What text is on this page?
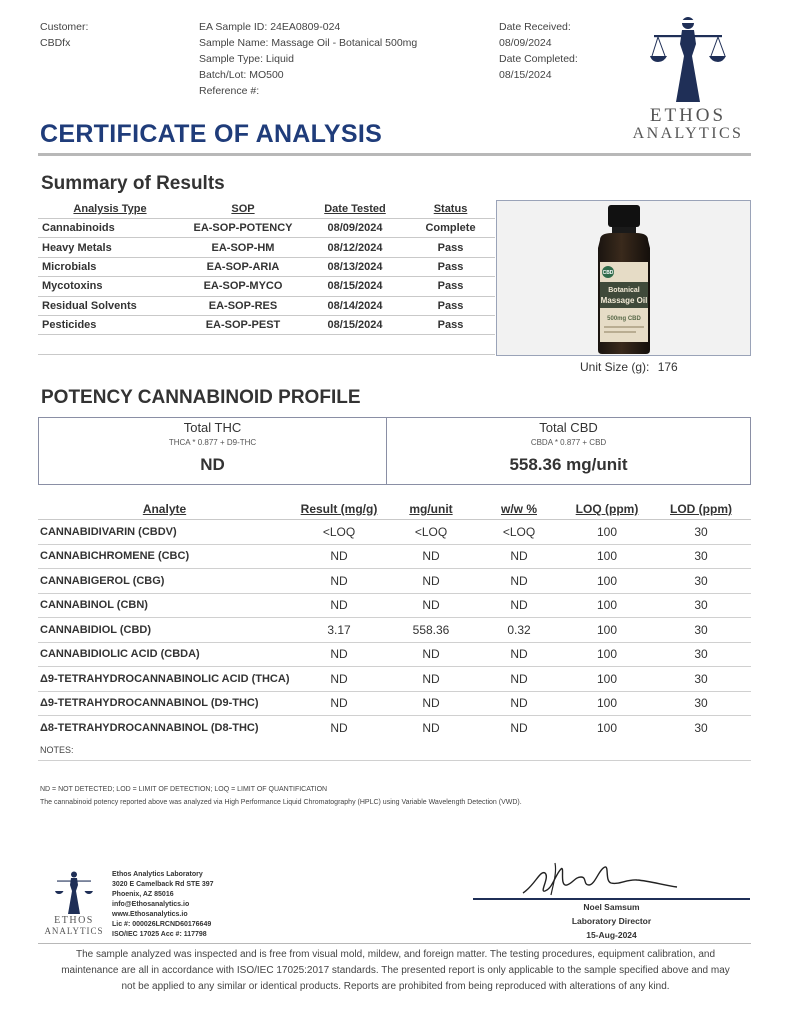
Customer:
CBDfx
EA Sample ID: 24EA0809-024
Sample Name: Massage Oil - Botanical 500mg
Sample Type: Liquid
Batch/Lot: MO500
Reference #:
Date Received:
08/09/2024
Date Completed:
08/15/2024
ETHOS
ANALYTICS
CERTIFICATE OF ANALYSIS
Summary of Results
Analysis Type	SOP	Date Tested	Status
Cannabinoids	EA-SOP-POTENCY	08/09/2024	Complete
Heavy Metals	EA-SOP-HM	08/12/2024	Pass
Microbials	EA-SOP-ARIA	08/13/2024	Pass
Mycotoxins	EA-SOP-MYCO	08/15/2024	Pass
Residual Solvents	EA-SOP-RES	08/14/2024	Pass
Pesticides	EA-SOP-PEST	08/15/2024	Pass

CBD
Botanical
Massage Oil
500mg CBD
Unit Size (g): 176
POTENCY CANNABINOID PROFILE
Total THC
THCA * 0.877 + D9-THC
ND
Total CBD
CBDA * 0.877 + CBD
558.36 mg/unit
Analyte	Result (mg/g)	mg/unit	w/w %	LOQ (ppm)	LOD (ppm)
CANNABIDIVARIN (CBDV)	<LOQ	<LOQ	<LOQ	100	30
CANNABICHROMENE (CBC)	ND	ND	ND	100	30
CANNABIGEROL (CBG)	ND	ND	ND	100	30
CANNABINOL (CBN)	ND	ND	ND	100	30
CANNABIDIOL (CBD)	3.17	558.36	0.32	100	30
CANNABIDIOLIC ACID (CBDA)	ND	ND	ND	100	30
Δ9-TETRAHYDROCANNABINOLIC ACID (THCA)	ND	ND	ND	100	30
Δ9-TETRAHYDROCANNABINOL (D9-THC)	ND	ND	ND	100	30
Δ8-TETRAHYDROCANNABINOL (D8-THC)	ND	ND	ND	100	30
NOTES:
ND = NOT DETECTED; LOD = LIMIT OF DETECTION; LOQ = LIMIT OF QUANTIFICATION
The cannabinoid potency reported above was analyzed via High Performance Liquid Chromatography (HPLC) using Variable Wavelength Detection (VWD).
ETHOS
ANALYTICS
Ethos Analytics Laboratory
3020 E Camelback Rd STE 397
Phoenix, AZ 85016
info@Ethosanalytics.io
www.Ethosanalytics.io
Lic #: 000026LRCND60176649
ISO/IEC 17025 Acc #: 117798
Noel Samsum
Laboratory Director
15-Aug-2024
The sample analyzed was inspected and is free from visual mold, mildew, and foreign matter. The testing procedures, equipment calibration, and
maintenance are all in accordance with ISO/IEC 17025:2017 standards. The presented report is only applicable to the sample specified above and may
not be applied to any similar or identical products. Reports are prohibited from being reproduced with alterations of any kind.
